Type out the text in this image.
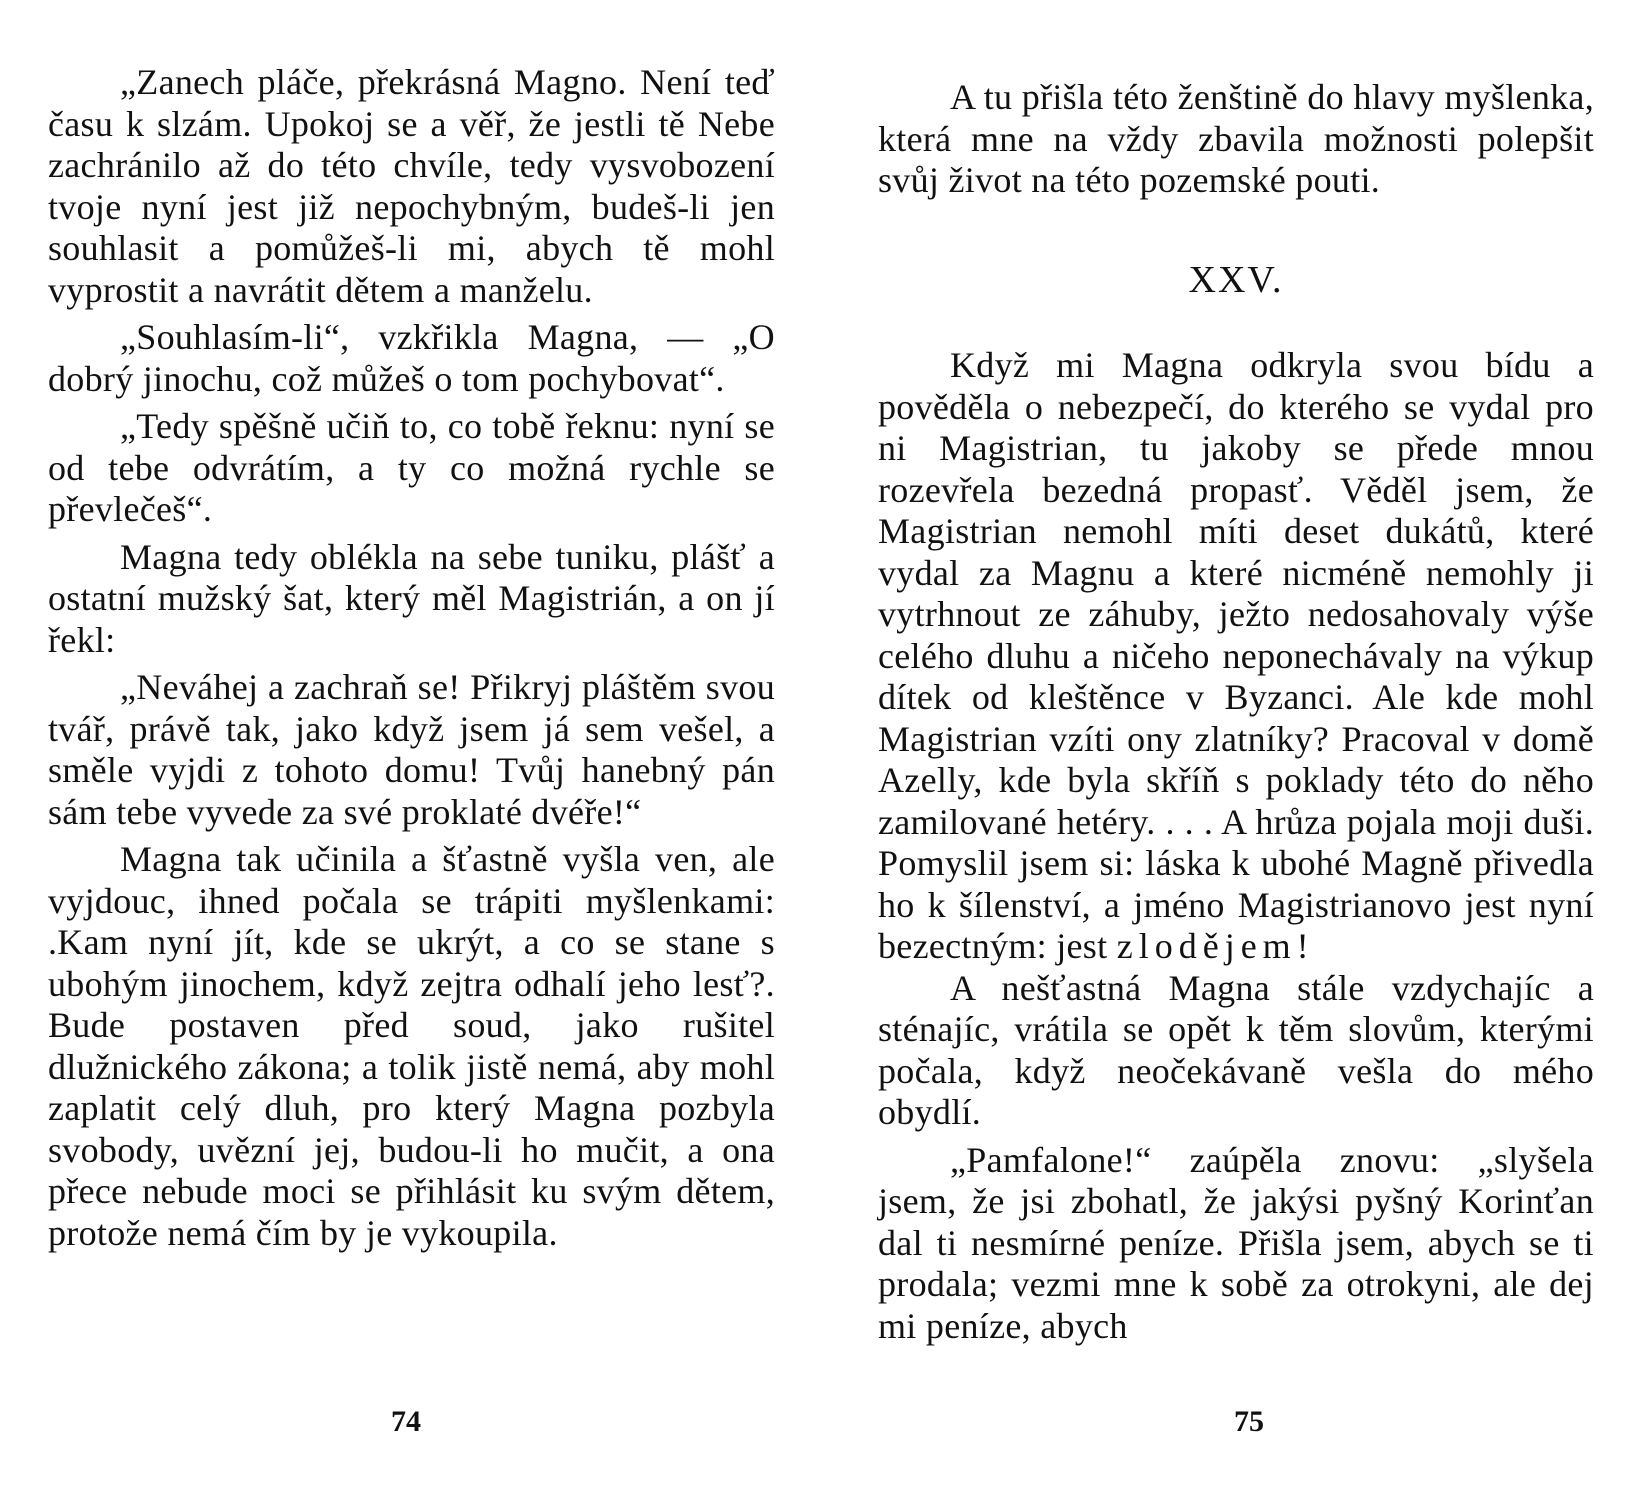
„Zanech pláče, překrásná Magno. Není teď času k slzám. Upokoj se a věř, že jestli tě Nebe zachránilo až do této chvíle, tedy vysvobození tvoje nyní jest již nepochybným, budeš-li jen souhlasit a pomůžeš-li mi, abych tě mohl vyprostit a navrátit dětem a manželu.

„Souhlasím-li“, vzkřikla Magna, — „O dobrý jinochu, což můžeš o tom pochybovat“.

„Tedy spěšně učiň to, co tobě řeknu: nyní se od tebe odvrátím, a ty co možná rychle se převlečeš“.

Magna tedy oblékla na sebe tuniku, plášť a ostatní mužský šat, který měl Magistrián, a on jí řekl:

„Neváhej a zachraň se! Přikryj pláštěm svou tvář, právě tak, jako když jsem já sem vešel, a směle vyjdi z tohoto domu! Tvůj hanebný pán sám tebe vyvede za své proklaté dvéře!“

Magna tak učinila a šťastně vyšla ven, ale vyjdouc, ihned počala se trápiti myšlenkami: .Kam nyní jít, kde se ukrýt, a co se stane s ubohým jinochem, když zejtra odhalí jeho lesť?. Bude postaven před soud, jako rušitel dlužnického zákona; a tolik jistě nemá, aby mohl zaplatit celý dluh, pro který Magna pozbyla svobody, uvězní jej, budou-li ho mučit, a ona přece nebude moci se přihlásit ku svým dětem, protože nemá čím by je vykoupila.

74

A tu přišla této ženštině do hlavy myšlenka, která mne na vždy zbavila možnosti polepšit svůj život na této pozemské pouti.

XXV.

Když mi Magna odkryla svou bídu a pověděla o nebezpečí, do kterého se vydal pro ni Magistrian, tu jakoby se přede mnou rozevřela bezedná propasť. Věděl jsem, že Magistrian nemohl míti deset dukátů, které vydal za Magnu a které nicméně nemohly ji vytrhnout ze záhuby, ježto nedosahovaly výše celého dluhu a ničeho neponechávaly na výkup dítek od kleštěnce v Byzanci. Ale kde mohl Magistrian vzíti ony zlatníky? Pracoval v domě Azelly, kde byla skříň s poklady této do něho zamilované hetéry. . . . A hrůza pojala moji duši. Pomyslil jsem si: láska k ubohé Magně přivedla ho k šílenství, a jméno Magistrianovo jest nyní bezectným: jest zlodějem!

A nešťastná Magna stále vzdychajíc a sténajíc, vrátila se opět k těm slovům, kterými počala, když neočekávaně vešla do mého obydlí.

„Pamfalone!“ zaúpěla znovu: „slyšela jsem, že jsi zbohatl, že jakýsi pyšný Korinťan dal ti nesmírné peníze. Přišla jsem, abych se ti prodala; vezmi mne k sobě za otrokyni, ale dej mi peníze, abych

75
